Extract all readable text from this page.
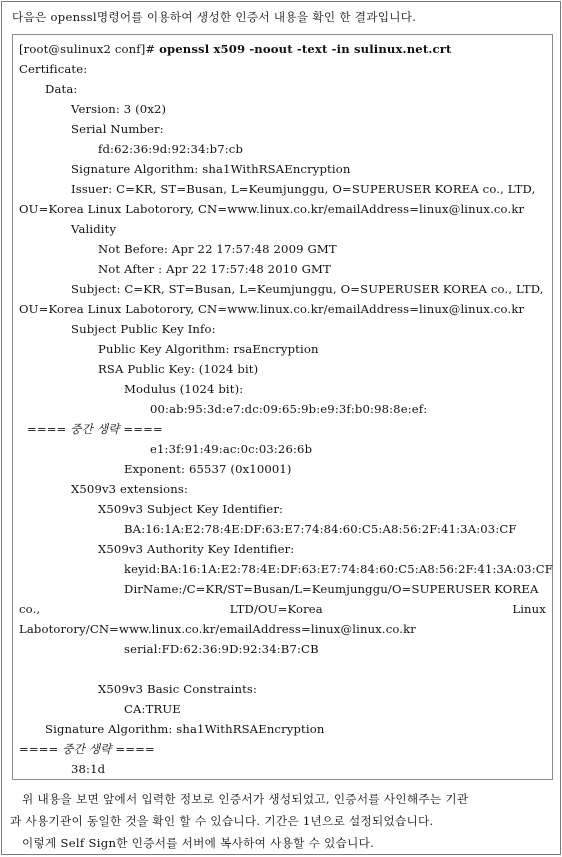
다음은 openssl명령어를 이용하여 생성한 인증서 내용을 확인 한 결과입니다.
[root@sulinux2 conf]# openssl x509 -noout -text -in sulinux.net.crt
Certificate:
Data:
Version: 3 (0x2)
Serial Number:
fd:62:36:9d:92:34:b7:cb
Signature Algorithm: sha1WithRSAEncryption
Issuer: C=KR, ST=Busan, L=Keumjunggu, O=SUPERUSER KOREA co., LTD,
OU=Korea Linux Labotorory, CN=www.linux.co.kr/emailAddress=linux@linux.co.kr
Validity
Not Before: Apr 22 17:57:48 2009 GMT
Not After : Apr 22 17:57:48 2010 GMT
Subject: C=KR, ST=Busan, L=Keumjunggu, O=SUPERUSER KOREA co., LTD,
OU=Korea Linux Labotorory, CN=www.linux.co.kr/emailAddress=linux@linux.co.kr
Subject Public Key Info:
Public Key Algorithm: rsaEncryption
RSA Public Key: (1024 bit)
Modulus (1024 bit):
00:ab:95:3d:e7:dc:09:65:9b:e9:3f:b0:98:8e:ef:
==== 중간 생략 ====
e1:3f:91:49:ac:0c:03:26:6b
Exponent: 65537 (0x10001)
X509v3 extensions:
X509v3 Subject Key Identifier:
BA:16:1A:E2:78:4E:DF:63:E7:74:84:60:C5:A8:56:2F:41:3A:03:CF
X509v3 Authority Key Identifier:
keyid:BA:16:1A:E2:78:4E:DF:63:E7:74:84:60:C5:A8:56:2F:41:3A:03:CF
DirName:/C=KR/ST=Busan/L=Keumjunggu/O=SUPERUSER KOREA
co.,	LTD/OU=Korea	Linux
Labotorory/CN=www.linux.co.kr/emailAddress=linux@linux.co.kr
serial:FD:62:36:9D:92:34:B7:CB
X509v3 Basic Constraints:
CA:TRUE
Signature Algorithm: sha1WithRSAEncryption
==== 중간 생략 ====
38:1d
위 내용을 보면 앞에서 입력한 정보로 인증서가 생성되었고, 인증서를 사인해주는 기관
과 사용기관이 동일한 것을 확인 할 수 있습니다. 기간은 1년으로 설정되었습니다.
이렇게 Self Sign한 인증서를 서버에 복사하여 사용할 수 있습니다.
